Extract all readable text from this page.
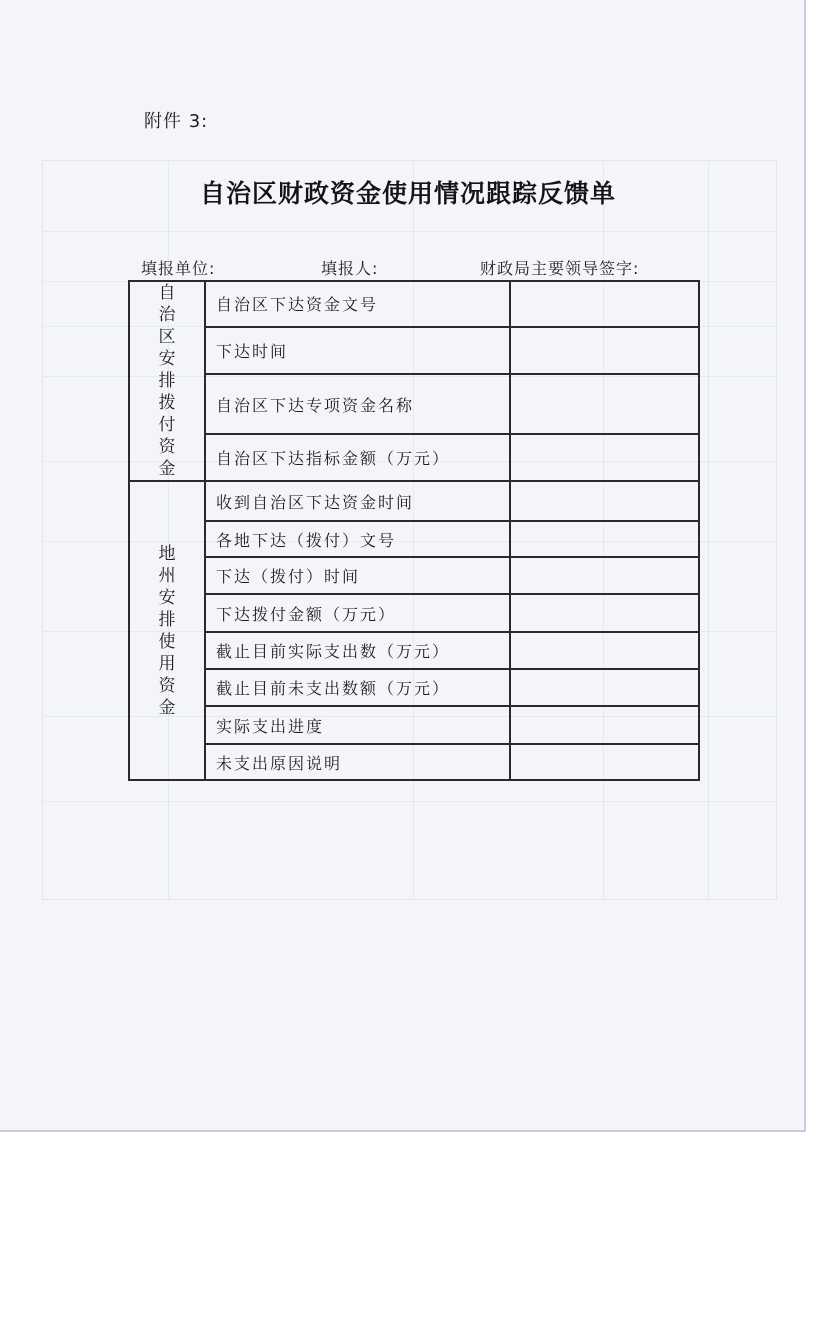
附件 3:
自治区财政资金使用情况跟踪反馈单
填报单位:	填报人:	财政局主要领导签字:
自治区安排拨付资金	自治区下达资金文号	
	下达时间	
	自治区下达专项资金名称	
	自治区下达指标金额（万元）	
地州安排使用资金	收到自治区下达资金时间	
	各地下达（拨付）文号	
	下达（拨付）时间	
	下达拨付金额（万元）	
	截止目前实际支出数（万元）	
	截止目前未支出数额（万元）	
	实际支出进度	
	未支出原因说明	
